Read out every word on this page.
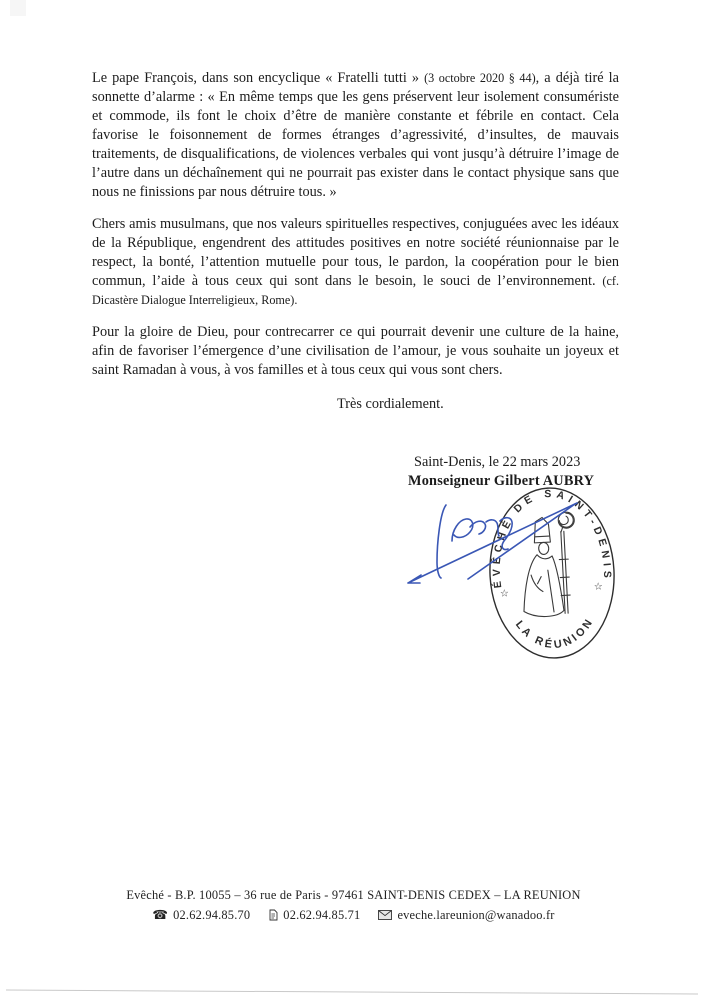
Le pape François, dans son encyclique « Fratelli tutti » (3 octobre 2020 § 44), a déjà tiré la sonnette d’alarme : « En même temps que les gens préservent leur isolement consumériste et commode, ils font le choix d’être de manière constante et fébrile en contact. Cela favorise le foisonnement de formes étranges d’agressivité, d’insultes, de mauvais traitements, de disqualifications, de violences verbales qui vont jusqu’à détruire l’image de l’autre dans un déchaînement qui ne pourrait pas exister dans le contact physique sans que nous ne finissions par nous détruire tous. »

Chers amis musulmans, que nos valeurs spirituelles respectives, conjuguées avec les idéaux de la République, engendrent des attitudes positives en notre société réunionnaise par le respect, la bonté, l’attention mutuelle pour tous, le pardon, la coopération pour le bien commun, l’aide à tous ceux qui sont dans le besoin, le souci de l’environnement. (cf. Dicastère Dialogue Interreligieux, Rome).

Pour la gloire de Dieu, pour contrecarrer ce qui pourrait devenir une culture de la haine, afin de favoriser l’émergence d’une civilisation de l’amour, je vous souhaite un joyeux et saint Ramadan à vous, à vos familles et à tous ceux qui vous sont chers.

Très cordialement.

Saint-Denis, le 22 mars 2023
Monseigneur Gilbert AUBRY
ÉVÊCHÉ DE SAINT-DENIS
LA RÉUNION
☆
☆
Evêché - B.P. 10055 – 36 rue de Paris - 97461 SAINT-DENIS CEDEX – LA REUNION
☎ 02.62.94.85.70	02.62.94.85.71	eveche.lareunion@wanadoo.fr
